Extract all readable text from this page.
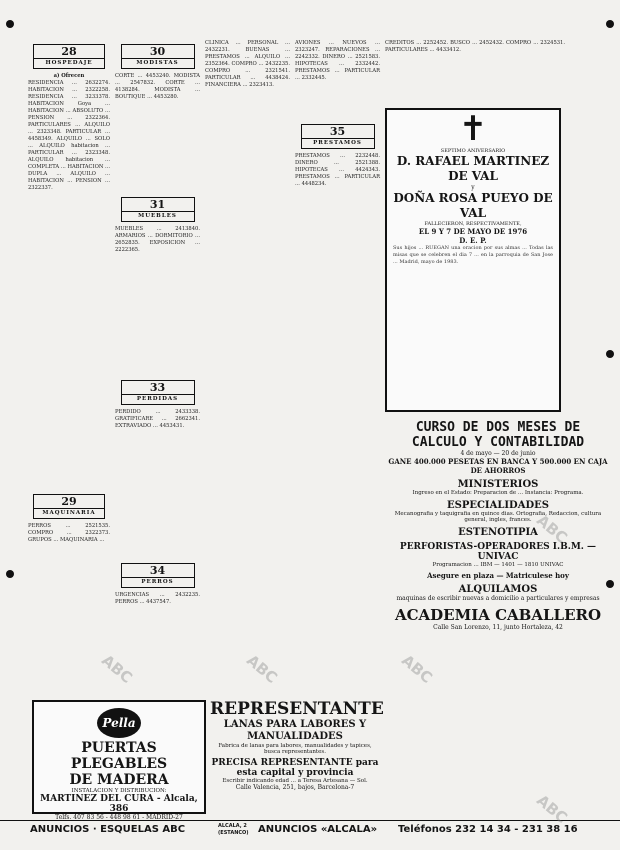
28
HOSPEDAJE
a) Ofrecen
RESIDENCIA ... 2632274. HABITACION ... 2322258. RESIDENCIA ... 3233378. HABITACION Goya ... HABITACION ... ABSOLUTO ... PENSION ... 2322364. PARTICULARES ... ALQUILO ... 2323348. PARTICULAR ... 4458349. ALQUILO ... SOLO ... ALQUILO habitacion ... PARTICULAR ... 2323348. ALQUILO habitacion ... COMPLETA ... HABITACION ... DUPLA ... ALQUILO ... HABITACION ... PENSION ... 2322337.
29
MAQUINARIA
PERROS ... 2521535. COMPRO ... 2322373. GRUPOS ... MAQUINARIA ...
30
MODISTAS
CORTE ... 4453240. MODISTA ... 2547832. CORTE ... 4138284. MODISTA ... BOUTIQUE ... 4453280.
31
MUEBLES
MUEBLES ... 2413840. ARMARIOS ... DORMITORIO ... 2652835. EXPOSICION ... 2222365.
33
PERDIDAS
PERDIDO ... 2433338. GRATIFICARE ... 2662341. EXTRAVIADO ... 4453431.
34
PERROS
URGENCIAS ... 2432235. PERROS ... 4437547.
CLINICA ... PERSONAL ... 2432231. BUENAS ... PRESTAMOS ... ALQUILO ... 2352364. COMPRO ... 2432235. COMPRO ... 2321541. PARTICULAR ... 4438424. FINANCIERA ... 2323413.
AVIONES ... NUEVOS ... 2323247. REPARACIONES ... 2242332. DINERO ... 2521583. HIPOTECAS ... 2332442. PRESTAMOS ... PARTICULAR ... 2332445.
35
PRESTAMOS
PRESTAMOS ... 2232448. DINERO ... 2521388. HIPOTECAS ... 4424343. PRESTAMOS ... PARTICULAR ... 4448234.
CREDITOS ... 2252452. BUSCO ... 2452432. COMPRO ... 2324531. PARTICULARES ... 4433412.
✝
SEPTIMO ANIVERSARIO
D. RAFAEL MARTINEZ DE VAL
y
DOÑA ROSA PUEYO DE VAL
FALLECIERON, RESPECTIVAMENTE,
EL 9 Y 7 DE MAYO DE 1976
D. E. P.
Sus hijos ... RUEGAN una oracion por sus almas ... Todas las misas que se celebren el dia 7 ... en la parroquia de San Jose ... Madrid, mayo de 1983.
CURSO DE DOS MESES DE CALCULO Y CONTABILIDAD
4 de mayo — 20 de junio
GANE 400.000 PESETAS EN BANCA Y 500.000 EN CAJA DE AHORROS
MINISTERIOS
Ingreso en el Estado: Preparacion de ... Instancia: Programa.
ESPECIALIDADES
Mecanografia y taquigrafia en quince dias. Ortografia, Redaccion, cultura general, ingles, frances.
ESTENOTIPIA
PERFORISTAS-OPERADORES I.B.M. — UNIVAC
Programacion ... IBM — 1401 — 1810 UNIVAC
Asegure en plaza — Matriculese hoy
ALQUILAMOS
maquinas de escribir nuevas a domicilio a particulares y empresas
ACADEMIA CABALLERO
Calle San Lorenzo, 11, junto Hortaleza, 42
Pella
PUERTAS PLEGABLES
DE MADERA
INSTALACION Y DISTRIBUCION:
MARTINEZ DEL CURA - Alcala, 386
Telfs. 407 83 56 - 448 98 61 - MADRID-27
REPRESENTANTE
LANAS PARA LABORES Y MANUALIDADES
Fabrica de lanas para labores, manualidades y tapices, busca representantes.
PRECISA REPRESENTANTE para esta capital y provincia
Escribir indicando edad ... a Teresa Artesana — Sol.
Calle Valencia, 251, bajos, Barcelona-7
ANUNCIOS · ESQUELAS ABC	ALCALA, 2
(ESTANCO) ANUNCIOS «ALCALA» Teléfonos 232 14 34 - 231 38 16
ABC	ABC	ABC
ABC
ABC
